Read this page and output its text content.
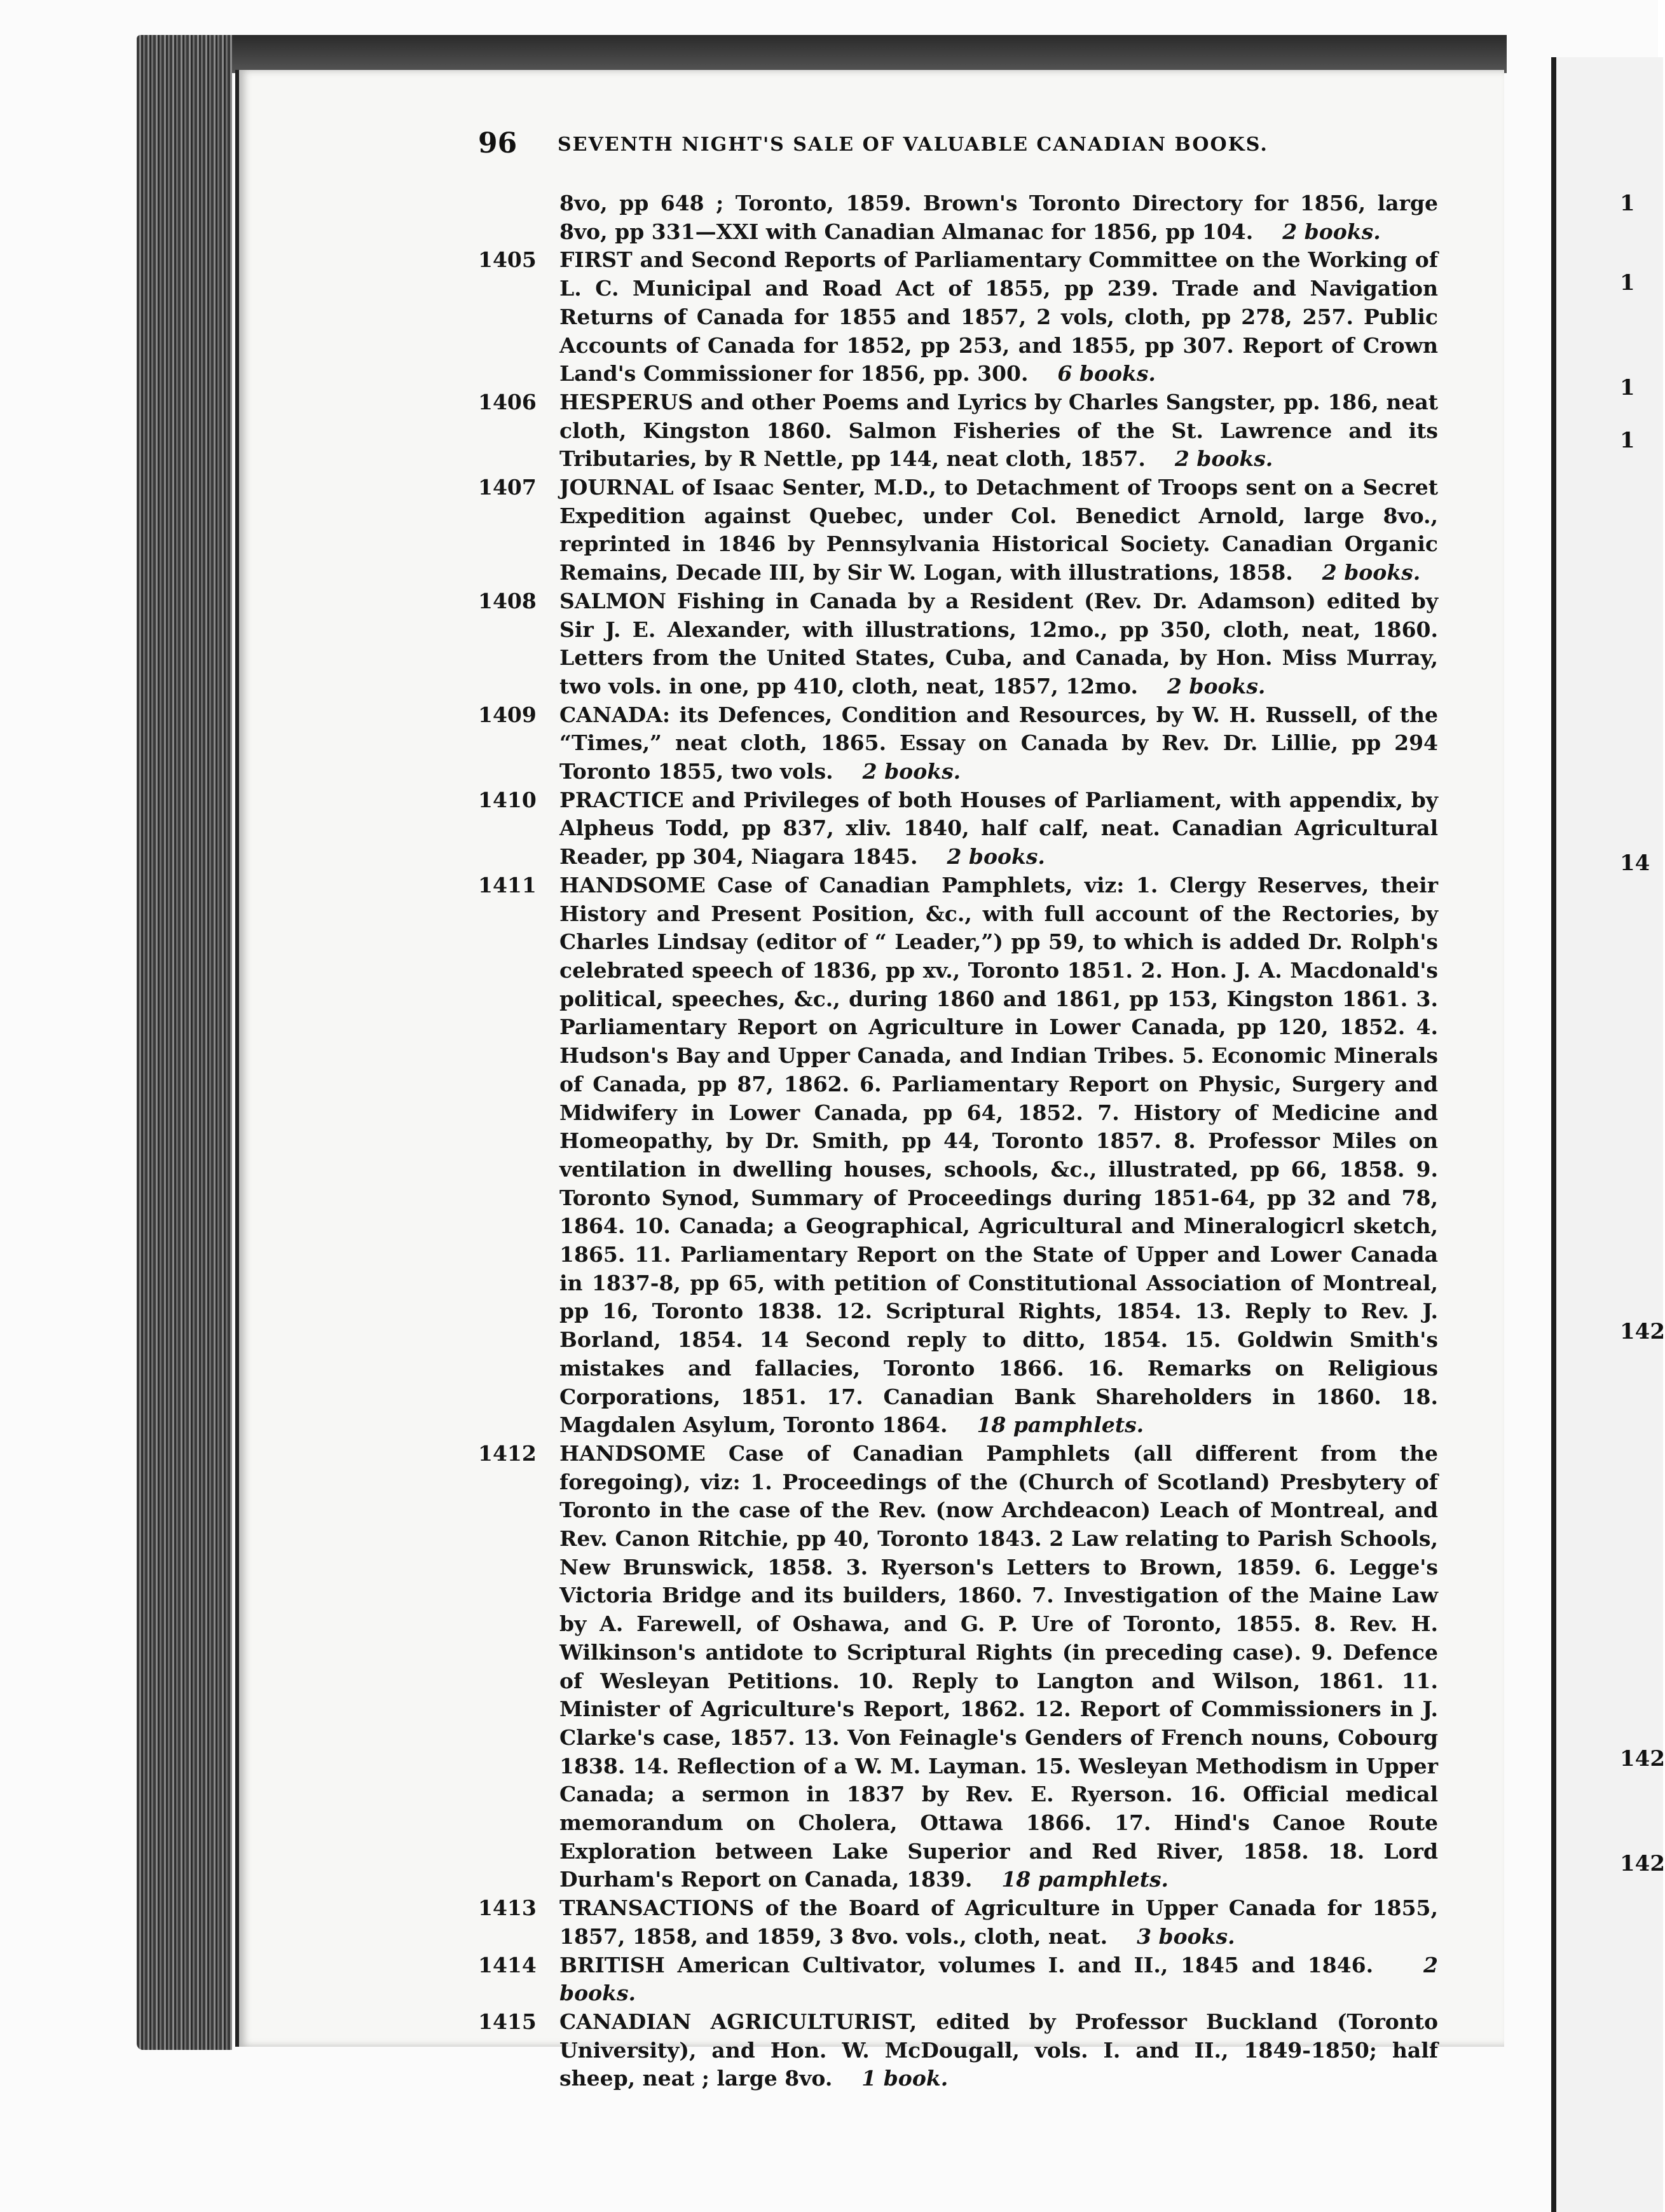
1
1
1
1
14
142
142
142
96 SEVENTH NIGHT'S SALE OF VALUABLE CANADIAN BOOKS.
8vo, pp 648 ; Toronto, 1859. Brown's Toronto Directory for 1856, large 8vo, pp 331—XXI with Canadian Almanac for 1856, pp 104. 2 books.
1405	FIRST and Second Reports of Parliamentary Committee on the Working of L. C. Municipal and Road Act of 1855, pp 239. Trade and Navigation Returns of Canada for 1855 and 1857, 2 vols, cloth, pp 278, 257. Public Accounts of Canada for 1852, pp 253, and 1855, pp 307. Report of Crown Land's Commissioner for 1856, pp. 300. 6 books.
1406	HESPERUS and other Poems and Lyrics by Charles Sangster, pp. 186, neat cloth, Kingston 1860. Salmon Fisheries of the St. Lawrence and its Tributaries, by R Nettle, pp 144, neat cloth, 1857. 2 books.
1407	JOURNAL of Isaac Senter, M.D., to Detachment of Troops sent on a Secret Expedition against Quebec, under Col. Benedict Arnold, large 8vo., reprinted in 1846 by Pennsylvania Historical Society. Canadian Organic Remains, Decade III, by Sir W. Logan, with illustrations, 1858. 2 books.
1408	SALMON Fishing in Canada by a Resident (Rev. Dr. Adamson) edited by Sir J. E. Alexander, with illustrations, 12mo., pp 350, cloth, neat, 1860. Letters from the United States, Cuba, and Canada, by Hon. Miss Murray, two vols. in one, pp 410, cloth, neat, 1857, 12mo. 2 books.
1409	CANADA: its Defences, Condition and Resources, by W. H. Russell, of the “Times,” neat cloth, 1865. Essay on Canada by Rev. Dr. Lillie, pp 294 Toronto 1855, two vols. 2 books.
1410	PRACTICE and Privileges of both Houses of Parliament, with appendix, by Alpheus Todd, pp 837, xliv. 1840, half calf, neat. Canadian Agricultural Reader, pp 304, Niagara 1845. 2 books.
1411	HANDSOME Case of Canadian Pamphlets, viz: 1. Clergy Reserves, their History and Present Position, &c., with full account of the Rectories, by Charles Lindsay (editor of “ Leader,”) pp 59, to which is added Dr. Rolph's celebrated speech of 1836, pp xv., Toronto 1851. 2. Hon. J. A. Macdonald's political, speeches, &c., during 1860 and 1861, pp 153, Kingston 1861. 3. Parliamentary Report on Agriculture in Lower Canada, pp 120, 1852. 4. Hudson's Bay and Upper Canada, and Indian Tribes. 5. Economic Minerals of Canada, pp 87, 1862. 6. Parliamentary Report on Physic, Surgery and Midwifery in Lower Canada, pp 64, 1852. 7. History of Medicine and Homeopathy, by Dr. Smith, pp 44, Toronto 1857. 8. Professor Miles on ventilation in dwelling houses, schools, &c., illustrated, pp 66, 1858. 9. Toronto Synod, Summary of Proceedings during 1851-64, pp 32 and 78, 1864. 10. Canada; a Geographical, Agricultural and Mineralogicrl sketch, 1865. 11. Parliamentary Report on the State of Upper and Lower Canada in 1837-8, pp 65, with petition of Constitutional Association of Montreal, pp 16, Toronto 1838. 12. Scriptural Rights, 1854. 13. Reply to Rev. J. Borland, 1854. 14 Second reply to ditto, 1854. 15. Goldwin Smith's mistakes and fallacies, Toronto 1866. 16. Remarks on Religious Corporations, 1851. 17. Canadian Bank Shareholders in 1860. 18. Magdalen Asylum, Toronto 1864. 18 pamphlets.
1412	HANDSOME Case of Canadian Pamphlets (all different from the foregoing), viz: 1. Proceedings of the (Church of Scotland) Presbytery of Toronto in the case of the Rev. (now Archdeacon) Leach of Montreal, and Rev. Canon Ritchie, pp 40, Toronto 1843. 2 Law relating to Parish Schools, New Brunswick, 1858. 3. Ryerson's Letters to Brown, 1859. 6. Legge's Victoria Bridge and its builders, 1860. 7. Investigation of the Maine Law by A. Farewell, of Oshawa, and G. P. Ure of Toronto, 1855. 8. Rev. H. Wilkinson's antidote to Scriptural Rights (in preceding case). 9. Defence of Wesleyan Petitions. 10. Reply to Langton and Wilson, 1861. 11. Minister of Agriculture's Report, 1862. 12. Report of Commissioners in J. Clarke's case, 1857. 13. Von Feinagle's Genders of French nouns, Cobourg 1838. 14. Reflection of a W. M. Layman. 15. Wesleyan Methodism in Upper Canada; a sermon in 1837 by Rev. E. Ryerson. 16. Official medical memorandum on Cholera, Ottawa 1866. 17. Hind's Canoe Route Exploration between Lake Superior and Red River, 1858. 18. Lord Durham's Report on Canada, 1839. 18 pamphlets.
1413	TRANSACTIONS of the Board of Agriculture in Upper Canada for 1855, 1857, 1858, and 1859, 3 8vo. vols., cloth, neat. 3 books.
1414	BRITISH American Cultivator, volumes I. and II., 1845 and 1846. 2 books.
1415	CANADIAN AGRICULTURIST, edited by Professor Buckland (Toronto University), and Hon. W. McDougall, vols. I. and II., 1849-1850; half sheep, neat ; large 8vo. 1 book.
